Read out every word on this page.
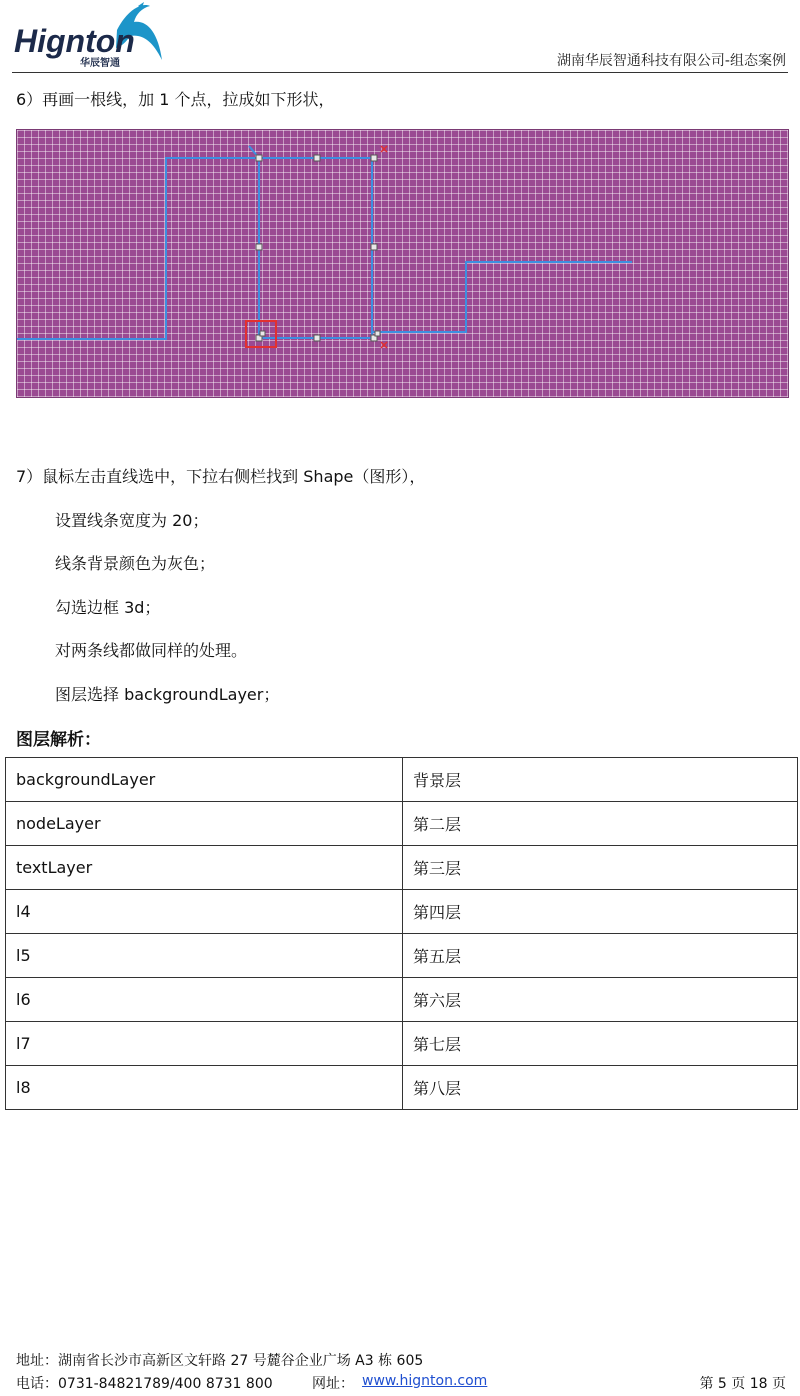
Hignton
华辰智通	湖南华辰智通科技有限公司-组态案例
6）再画一根线，加 1 个点，拉成如下形状，
7）鼠标左击直线选中，下拉右侧栏找到 Shape（图形），
设置线条宽度为 20；
线条背景颜色为灰色；
勾选边框 3d；
对两条线都做同样的处理。
图层选择 backgroundLayer；
图层解析：
backgroundLayer	背景层
nodeLayer	第二层
textLayer	第三层
l4	第四层
l5	第五层
l6	第六层
l7	第七层
l8	第八层
地址：湖南省长沙市高新区文轩路 27 号麓谷企业广场 A3 栋 605
电话：0731-84821789/400 8731 800	网址： www.hignton.com	第 5 页 18 页
